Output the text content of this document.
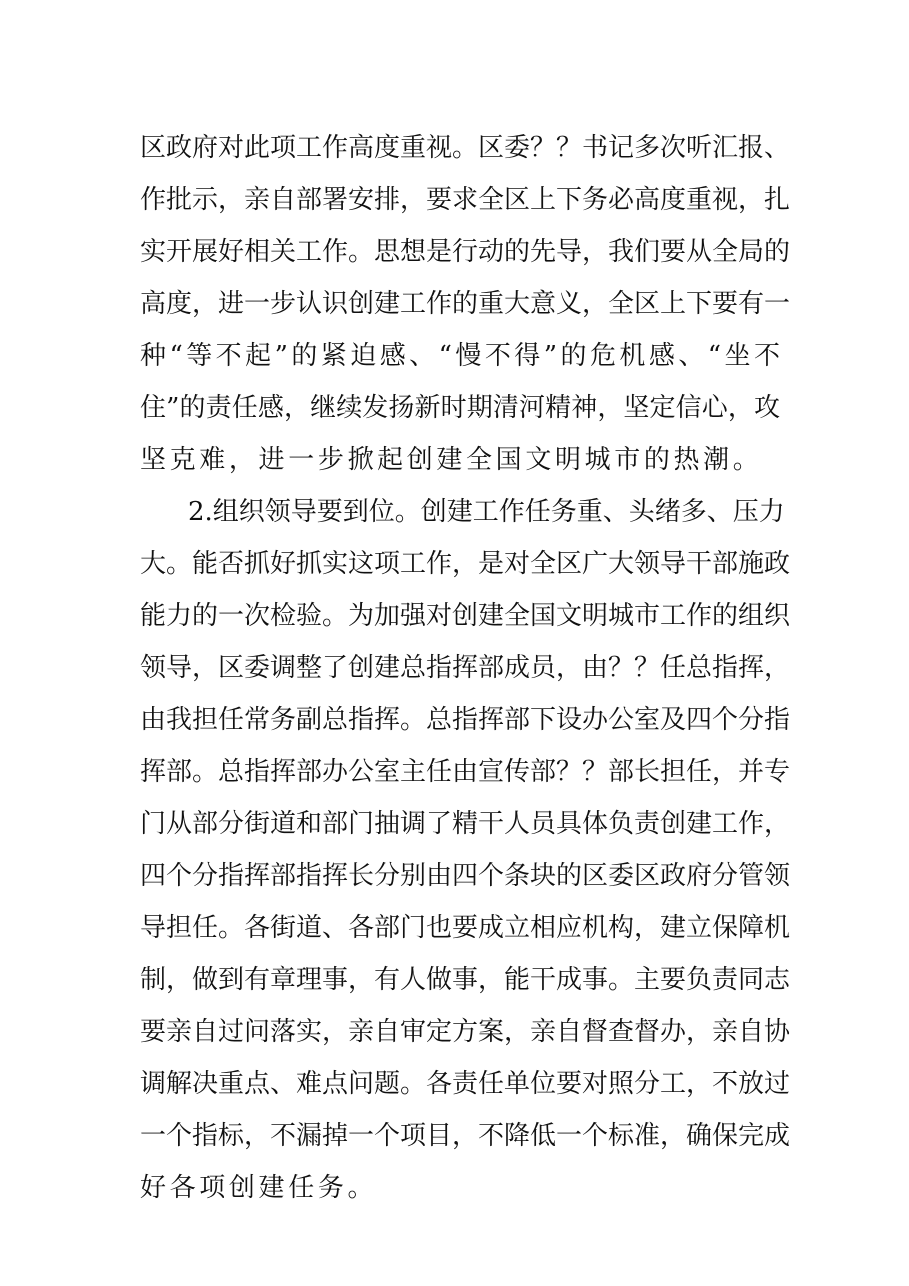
区政府对此项工作高度重视。区委？？书记多次听汇报、
作批示，亲自部署安排，要求全区上下务必高度重视，扎
实开展好相关工作。思想是行动的先导，我们要从全局的
高度，进一步认识创建工作的重大意义，全区上下要有一
种“等不起”的紧迫感、“慢不得”的危机感、“坐不
住”的责任感，继续发扬新时期清河精神，坚定信心，攻
坚克难，进一步掀起创建全国文明城市的热潮。
2.组织领导要到位。创建工作任务重、头绪多、压力
大。能否抓好抓实这项工作，是对全区广大领导干部施政
能力的一次检验。为加强对创建全国文明城市工作的组织
领导，区委调整了创建总指挥部成员，由？？任总指挥，
由我担任常务副总指挥。总指挥部下设办公室及四个分指
挥部。总指挥部办公室主任由宣传部？？部长担任，并专
门从部分街道和部门抽调了精干人员具体负责创建工作，
四个分指挥部指挥长分别由四个条块的区委区政府分管领
导担任。各街道、各部门也要成立相应机构，建立保障机
制，做到有章理事，有人做事，能干成事。主要负责同志
要亲自过问落实，亲自审定方案，亲自督查督办，亲自协
调解决重点、难点问题。各责任单位要对照分工，不放过
一个指标，不漏掉一个项目，不降低一个标准，确保完成
好各项创建任务。
